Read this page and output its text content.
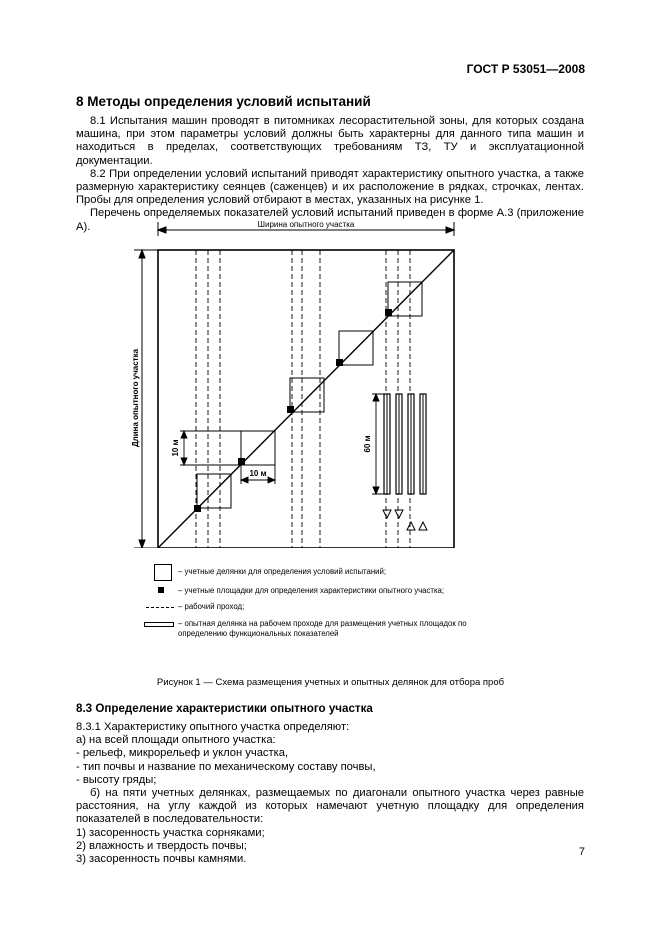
ГОСТ Р 53051—2008
8 Методы определения условий испытаний

8.1 Испытания машин проводят в питомниках лесорастительной зоны, для которых создана машина, при этом параметры условий должны быть характерны для данного типа машин и находиться в пределах, соответствующих требованиям ТЗ, ТУ и эксплуатационной документации.

8.2 При определении условий испытаний приводят характеристику опытного участка, а также размерную характеристику сеянцев (саженцев) и их расположение в рядках, строчках, лентах. Пробы для определения условий отбирают в местах, указанных на рисунке 1.

Перечень определяемых показателей условий испытаний приведен в форме А.3 (приложение А).	Ширина опытного участка
Длина опытного участка
10 м
10 м
60 м
– учетные делянки для определения условий испытаний;
– учетные площадки для определения характеристики опытного участка;
– рабочий проход;
– опытная делянка на рабочем проходе для размещения учетных площадок по определению функциональных показателей
Рисунок 1 — Схема размещения учетных и опытных делянок для отбора проб
8.3 Определение характеристики опытного участка

8.3.1 Характеристику опытного участка определяют:

а) на всей площади опытного участка:

- рельеф, микрорельеф и уклон участка,

- тип почвы и название по механическому составу почвы,

- высоту гряды;

б) на пяти учетных делянках, размещаемых по диагонали опытного участка через равные расстояния, на углу каждой из которых намечают учетную площадку для определения показателей в последовательности:

1) засоренность участка сорняками;

2) влажность и твердость почвы;

3) засоренность почвы камнями.

7
